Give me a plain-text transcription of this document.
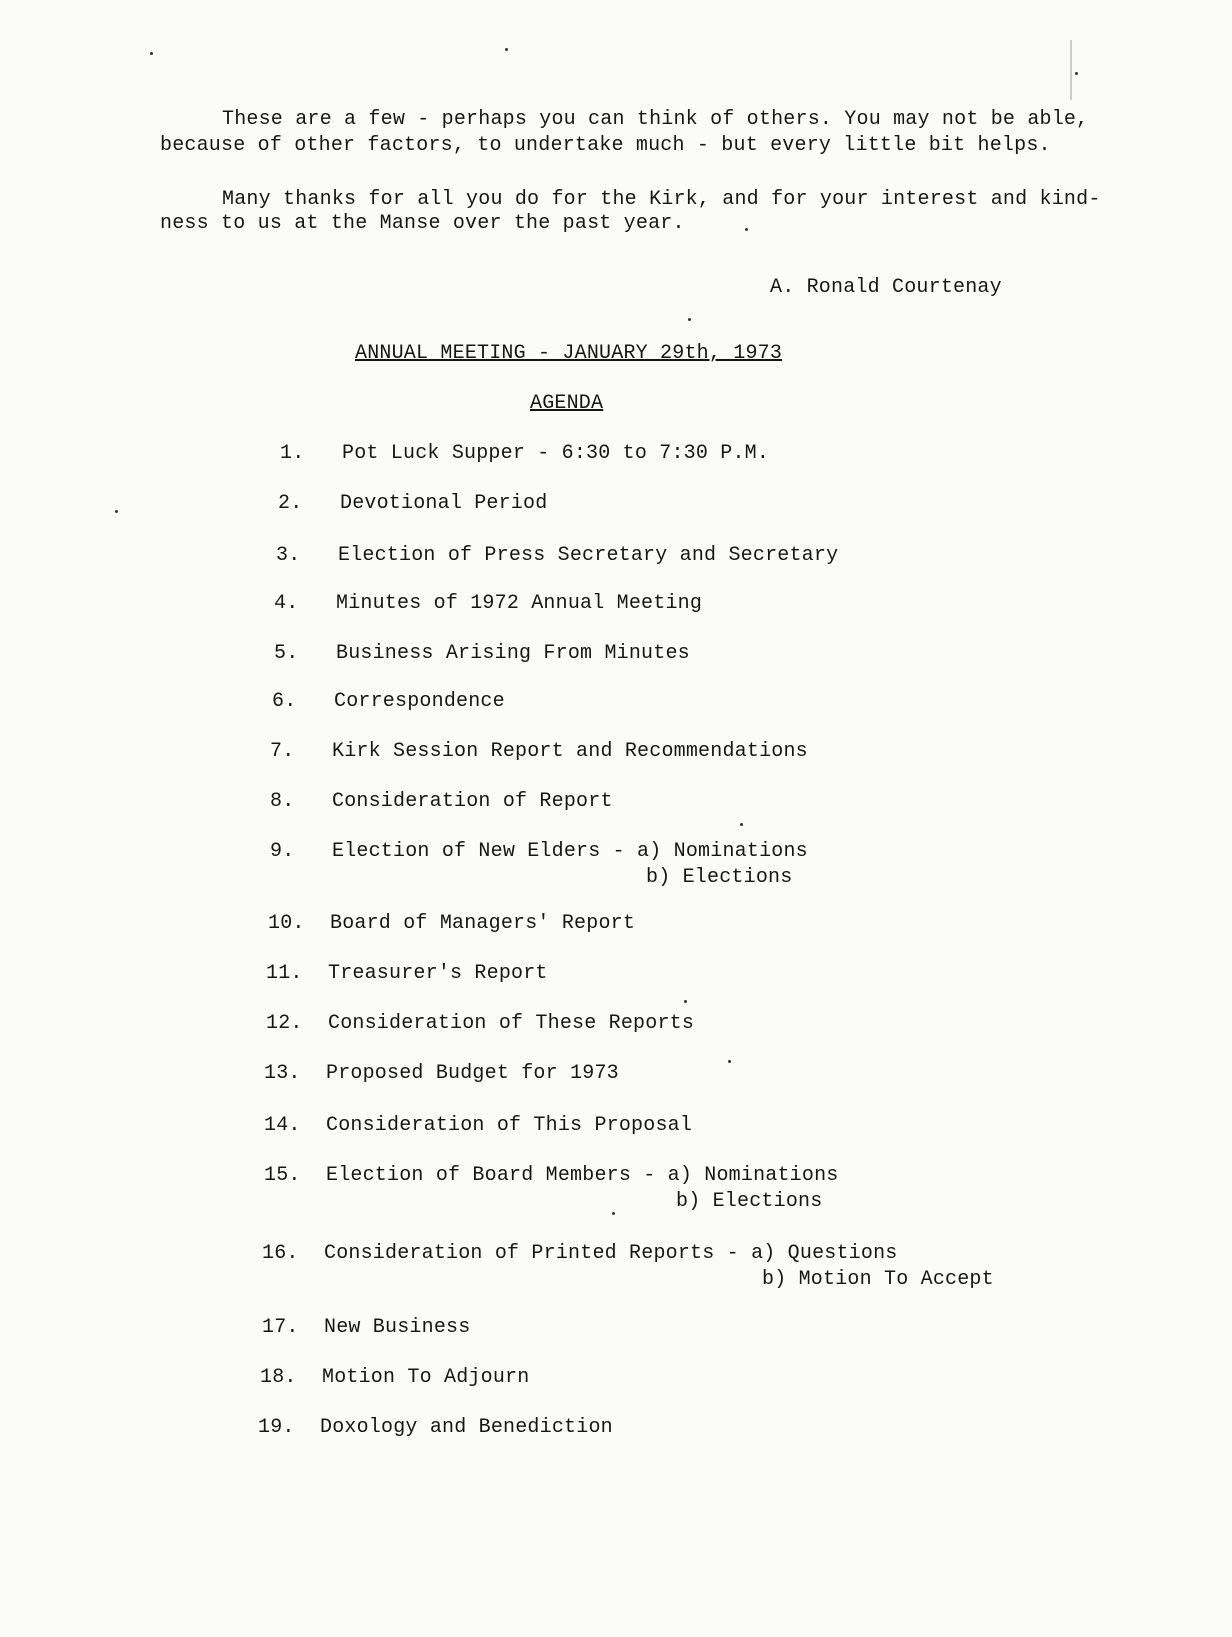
These are a few - perhaps you can think of others. You may not be able,
because of other factors, to undertake much - but every little bit helps.
Many thanks for all you do for the Kirk, and for your interest and kind-
ness to us at the Manse over the past year.
A. Ronald Courtenay
ANNUAL MEETING - JANUARY 29th, 1973
AGENDA
1. Pot Luck Supper - 6:30 to 7:30 P.M.
2. Devotional Period
3. Election of Press Secretary and Secretary
4. Minutes of 1972 Annual Meeting
5. Business Arising From Minutes
6. Correspondence
7. Kirk Session Report and Recommendations
8. Consideration of Report
9. Election of New Elders - a) Nominations
b) Elections
10. Board of Managers' Report
11. Treasurer's Report
12. Consideration of These Reports
13. Proposed Budget for 1973
14. Consideration of This Proposal
15. Election of Board Members - a) Nominations
b) Elections
16. Consideration of Printed Reports - a) Questions
b) Motion To Accept
17. New Business
18. Motion To Adjourn
19. Doxology and Benediction
